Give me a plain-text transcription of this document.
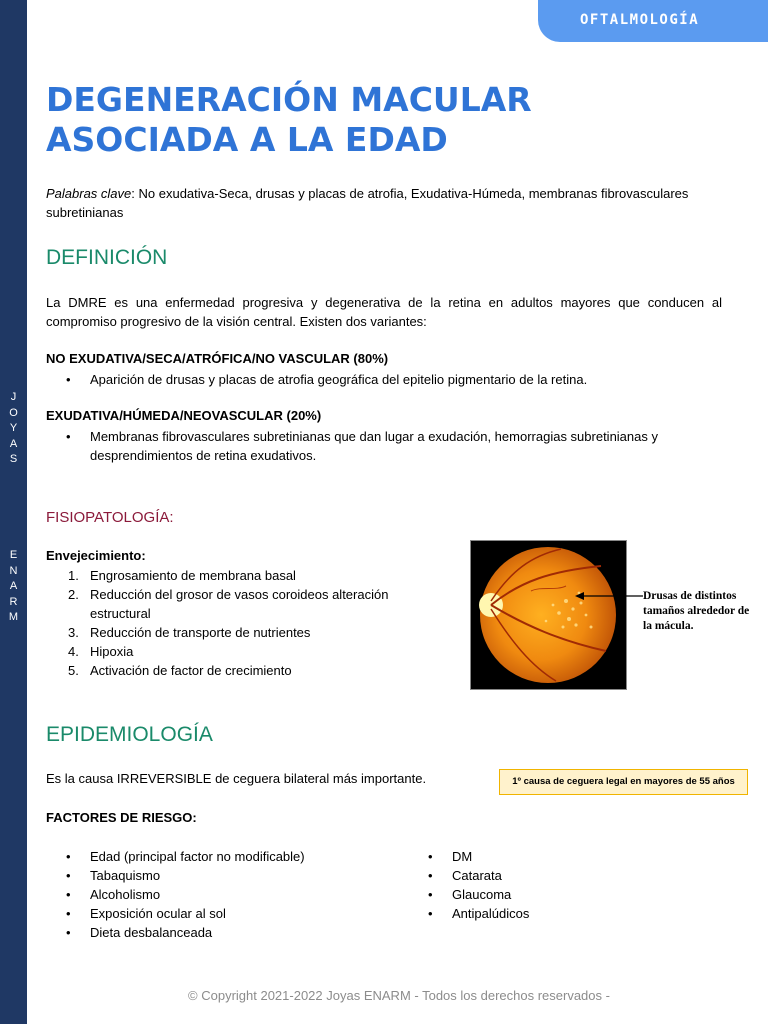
J
O
Y
A
S
E
N
A
R
M
OFTALMOLOGÍA
DEGENERACIÓN MACULAR ASOCIADA A LA EDAD
Palabras clave: No exudativa-Seca, drusas y placas de atrofia, Exudativa-Húmeda, membranas fibrovasculares subretinianas
DEFINICIÓN

La DMRE es una enfermedad progresiva y degenerativa de la retina en adultos mayores que conducen al compromiso progresivo de la visión central. Existen dos variantes:

NO EXUDATIVA/SECA/ATRÓFICA/NO VASCULAR (80%)
• Aparición de drusas y placas de atrofia geográfica del epitelio pigmentario de la retina.
EXUDATIVA/HÚMEDA/NEOVASCULAR (20%)
• Membranas fibrovasculares subretinianas que dan lugar a exudación, hemorragias subretinianas y desprendimientos de retina exudativos.
FISIOPATOLOGÍA:
Envejecimiento:
1. Engrosamiento de membrana basal
2. Reducción del grosor de vasos coroideos alteración estructural
3. Reducción de transporte de nutrientes
4. Hipoxia
5. Activación de factor de crecimiento
Drusas de distintos tamaños alrededor de la mácula.
EPIDEMIOLOGÍA
Es la causa IRREVERSIBLE de ceguera bilateral más importante.	1º causa de ceguera legal en mayores de 55 años
FACTORES DE RIESGO:
• Edad (principal factor no modificable)
• Tabaquismo
• Alcoholismo
• Exposición ocular al sol
• Dieta desbalanceada
• DM
• Catarata
• Glaucoma
• Antipalúdicos
© Copyright 2021-2022 Joyas ENARM - Todos los derechos reservados -
